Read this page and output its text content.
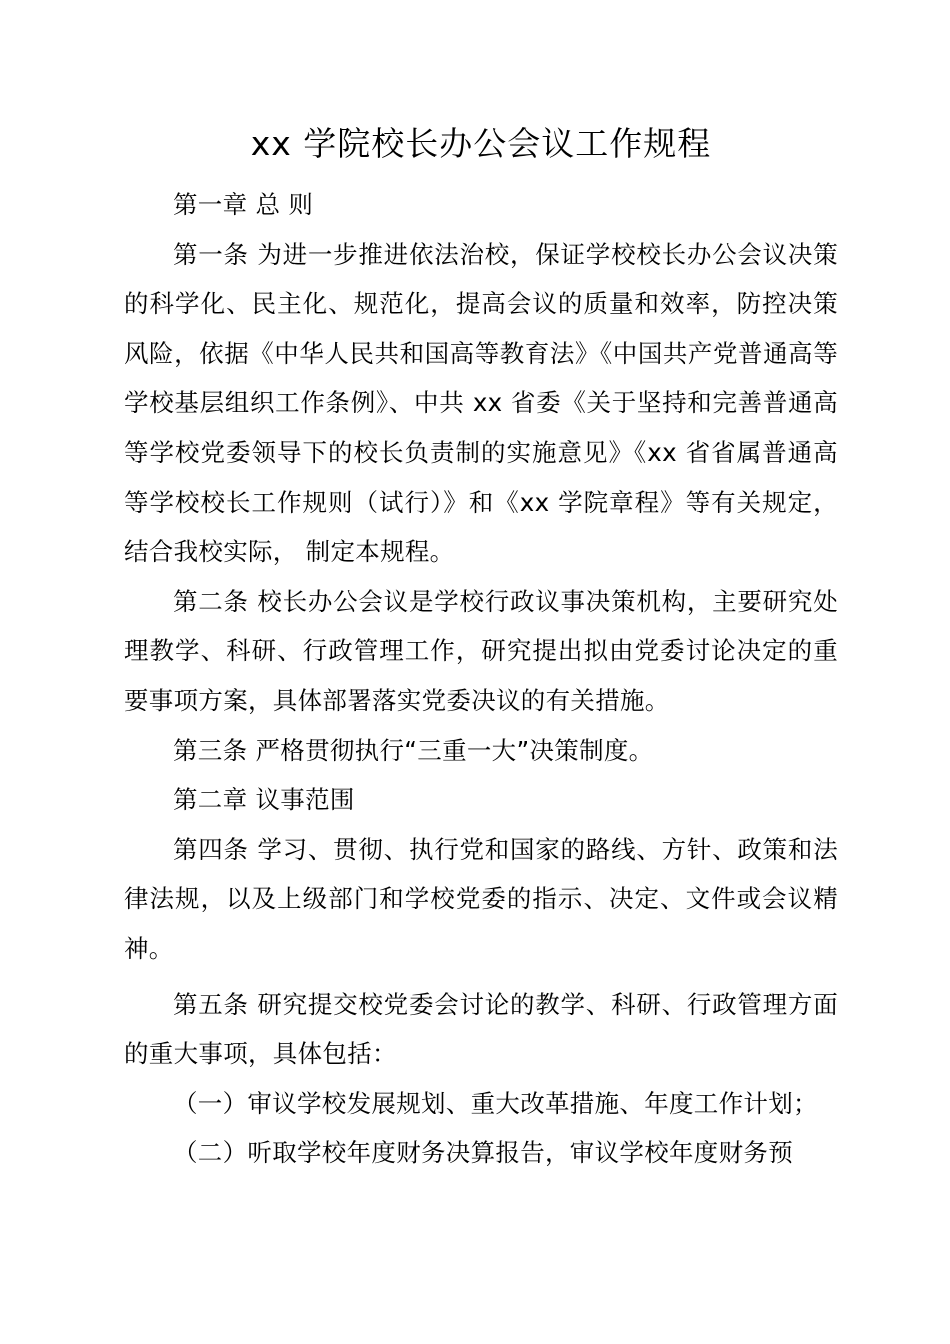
xx 学院校长办公会议工作规程

第一章 总 则

第一条 为进一步推进依法治校，保证学校校长办公会议决策的科学化、民主化、规范化，提高会议的质量和效率，防控决策风险，依据《中华人民共和国高等教育法》《中国共产党普通高等学校基层组织工作条例》、中共 xx 省委《关于坚持和完善普通高等学校党委领导下的校长负责制的实施意见》《xx 省省属普通高等学校校长工作规则（试行）》和《xx 学院章程》等有关规定，结合我校实际， 制定本规程。

第二条 校长办公会议是学校行政议事决策机构，主要研究处理教学、科研、行政管理工作，研究提出拟由党委讨论决定的重要事项方案，具体部署落实党委决议的有关措施。

第三条 严格贯彻执行“三重一大”决策制度。

第二章 议事范围

第四条 学习、贯彻、执行党和国家的路线、方针、政策和法律法规，以及上级部门和学校党委的指示、决定、文件或会议精神。

第五条 研究提交校党委会讨论的教学、科研、行政管理方面的重大事项，具体包括：

（一）审议学校发展规划、重大改革措施、年度工作计划；

（二）听取学校年度财务决算报告，审议学校年度财务预
